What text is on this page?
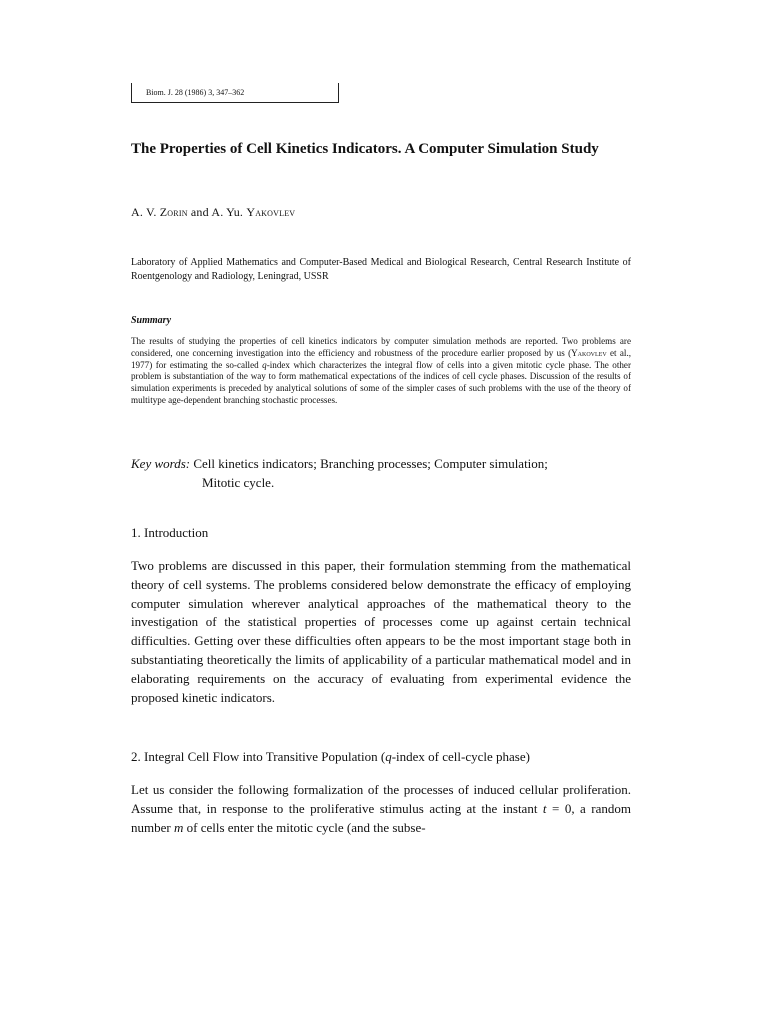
Biom. J. 28 (1986) 3, 347–362
The Properties of Cell Kinetics Indicators. A Computer Simulation Study
A. V. Zorin and A. Yu. Yakovlev
Laboratory of Applied Mathematics and Computer-Based Medical and Biological Research, Central Research Institute of Roentgenology and Radiology, Leningrad, USSR
Summary
The results of studying the properties of cell kinetics indicators by computer simulation methods are reported. Two problems are considered, one concerning investigation into the efficiency and robustness of the procedure earlier proposed by us (Yakovlev et al., 1977) for estimating the so-called q-index which characterizes the integral flow of cells into a given mitotic cycle phase. The other problem is substantiation of the way to form mathematical expectations of the indices of cell cycle phases. Discussion of the results of simulation experiments is preceded by analytical solutions of some of the simpler cases of such problems with the use of the theory of multitype age-dependent branching stochastic processes.
Key words: Cell kinetics indicators; Branching processes; Computer simulation;
Mitotic cycle.
1. Introduction
Two problems are discussed in this paper, their formulation stemming from the mathematical theory of cell systems. The problems considered below demonstrate the efficacy of employing computer simulation wherever analytical approaches of the mathematical theory to the investigation of the statistical properties of processes come up against certain technical difficulties. Getting over these difficulties often appears to be the most important stage both in substantiating theoretically the limits of applicability of a particular mathematical model and in elaborating requirements on the accuracy of evaluating from experimental evidence the proposed kinetic indicators.
2. Integral Cell Flow into Transitive Population (q-index of cell-cycle phase)
Let us consider the following formalization of the processes of induced cellular proliferation. Assume that, in response to the proliferative stimulus acting at the instant t = 0, a random number m of cells enter the mitotic cycle (and the subse-
